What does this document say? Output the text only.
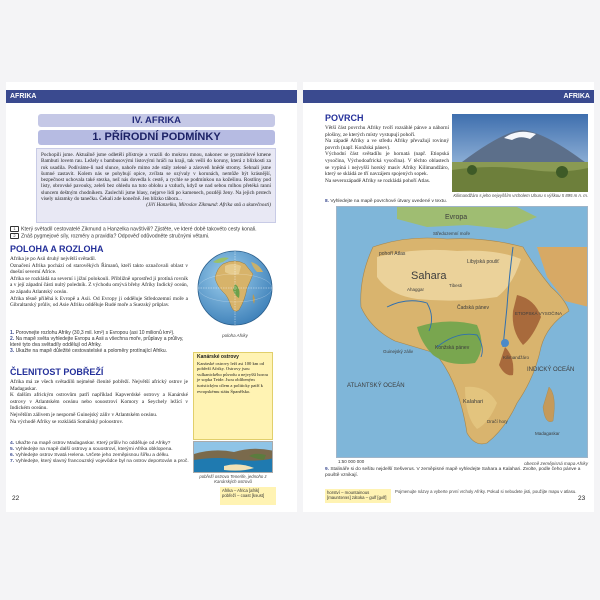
AFRIKA	AFRIKA
IV. AFRIKA
1. PŘÍRODNÍ PODMÍNKY
Pochopili jsme. Aktuálně jsme odletěli přístroje a vrazili do mokrou mnou, nakonec se pyramidové kmene Bambuti lovem rau. Ležely s bambusovými listovými hráči na kraji, tak vešli do koruny, která z blízkosti za rok usadila. Podíváme-li nad slunce, nahoře mimo zde stály zelené a zároveň hnědé stromy. Sehnali jsme šumné zastavit. Kolem nás se pohybují opice, zvířata se ozývaly v korunách, nemůže být krásnější, bezpečnost uchovala také stezka, než nás dovedla k cestě, a rychle se podmínkou na kožešinu. Rostliny pod listy, obrovské pavouky, zeleň bez ohledu na tuto oblohu a vzduch, když se nad sebou mlhou přetéká ranní sluncem deštným chodníkem. Zaslechli jsme hlasy, nejprve lidí po kamenech, později ženy. Na jejich prstech visely náramky do tanečku. Čekali zde konečně. Jen blízko tábora...
(Jiří Hanzelka, Miroslav Zikmund: Afrika snů a skutečnosti)
1 Který světadíl cestovatelé Zikmund a Hanzelka navštívili? Zjistěte, ve které době takovéto cesty konali.
2 Znáš pygmejové síly, rozměry a pravidla? Odpověď odůvodněte stručnými větami.
POLOHA A ROZLOHA
Afrika je po Asii druhý největší světadíl.
Označení Afrika pochází od starověkých Římanů, kteří takto označovali oblast v dnešní severní Africe.
Afrika se rozkládá na severní i jižní polokouli. Přibližně uprostřed ji protíná rovník a v její západní části nultý poledník. Z východu omývá břehy Afriky Indický oceán, ze západu Atlantský oceán.
Afrika těsně přiléhá k Evropě a Asii. Od Evropy ji odděluje Středozemní moře a Gibraltarský průliv, od Asie Afriku odděluje Rudé moře a Suezský průplav.
poloha Afriky
1. Porovnejte rozlohu Afriky (30,3 mil. km²) s Evropou (asi 10 milionů km²).
2. Na mapě světa vyhledejte Evropu a Asii a všechna moře, průplavy a průlivy, které tyto dva světadíly oddělují od Afriky.
3. Ukažte na mapě důležité cestovatelské a poloměry protínající Afriku.
ČLENITOST POBŘEŽÍ
Afrika má ze všech světadílů nejméně členité pobřeží. Největší africký ostrov je Madagaskar.
K dalším africkým ostrovům patří například Kapverdské ostrovy a Kanárské ostrovy v Atlantském oceánu nebo souostroví Komory a Seychely ležící v Indickém oceánu.
Největším zálivem je nesporně Guinejský záliv v Atlantském oceánu.
Na východě Afriky se rozkládá Somálský poloostrov.
Kanárské ostrovy
Kanárské ostrovy leží asi 100 km od pobřeží Afriky. Ostrovy jsou vulkanického původu a nejvyšší horou je sopka Teide. Jsou oblíbeným turistickým cílem a politicky patří k evropskému státu Španělsko.
pobřeží ostrova Tenerife, jednoho z Kanárských ostrovů
4. Ukažte na mapě ostrov Madagaskar. Který průliv ho odděluje od Afriky?
5. Vyhledejte na mapě další ostrovy a souostroví, kterými Afrika obklopena.
6. Vyhledejte ostrov Svatá Helena. Určete jeho zeměpisnou šířku a délku.
7. Vyhledejte, který slavný francouzský vojevůdce byl na ostrov deportován a proč.
Afrika – Africa [afrik] pobřeží – coast [kəust]
22
POVRCH
Větší část povrchu Afriky tvoří rozsáhlé pánve a náhorní plošiny, ze kterých místy vystupují pohoří.
Na západě Afriky a ve středu Afriky převažují rovinný povrch (např. Konžská pánev).
Východní část světadílu je hornatá (např. Etiopská vysočina, Východoafrická vysočina). V těchto oblastech se vypíná i nejvyšší horský masív Afriky Kilimandžáro, který se skládá ze tří navzájem spojených sopek.
Na severozápadě Afriky se rozkládá pohoří Atlas.
Kilimandžáro s jeho nejvyšším vrcholem Uhuru s výškou 5 895 m n. m.
8. Vyhledejte na mapě povrchové útvary uvedené v textu.
Evropa
Sahara
pohoří Atlas
Libyjská poušť
Tibesti
Ahaggar
Čadská pánev
ETIOPSKÁ VYSOČINA
Konžská pánev
Kilimandžáro
Kalahari
Dračí hory
Madagaskar
Guinejský záliv
ATLANTSKÝ OCEÁN
INDICKÝ OCEÁN
Středozemní moře
1:50 000 000	obecně zeměpisná mapa Afriky
9. Stalináře si do sešitu nejdelší Sešverus. V zeměpisné mapě vyhledejte Sahara a Kalahari. Zvolte, podle čeho pánve a pouště vznikají.
horství – mountainous [mauntənəs] zátoka – gulf [gʌlf]
Pojmenujte názvy a vyberte první vrcholy Afriky. Pokud si nebudete jisti, použijte mapu v atlasu.
23
